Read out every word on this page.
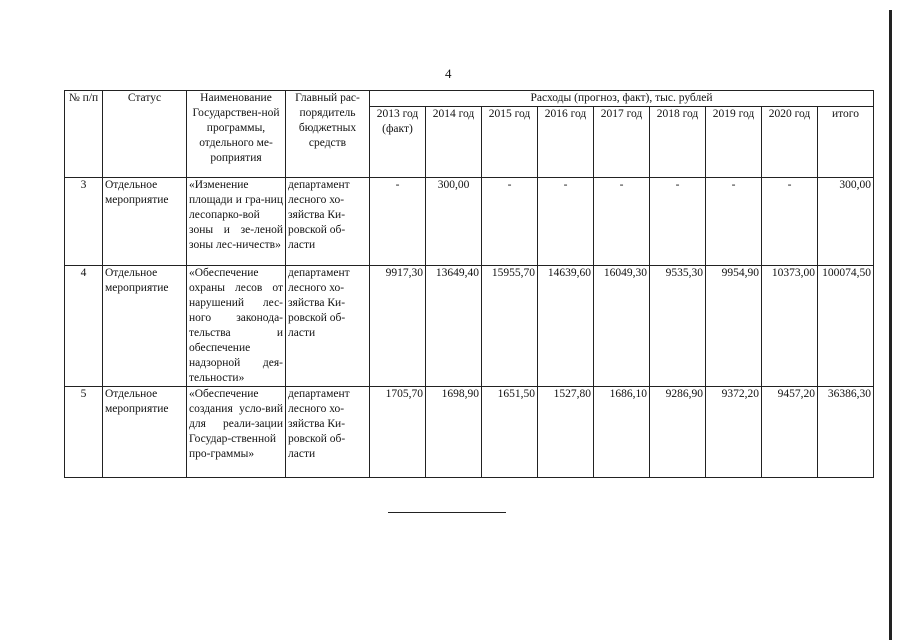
4
№ п/п	Статус	Наименование Государствен-ной программы, отдельного ме-роприятия	Главный рас-порядитель бюджетных средств	Расходы (прогноз, факт), тыс. рублей								
				2013 год (факт)	2014 год	2015 год	2016 год	2017 год	2018 год	2019 год	2020 год	итого
3	Отдельное мероприятие	«Изменение площади и гра-ниц лесопарко-вой зоны и зе-леной зоны лес-ничеств»	департамент лесного хо-зяйства Ки-ровской об-ласти	-	300,00	-	-	-	-	-	-	300,00
4	Отдельное мероприятие	«Обеспечение охраны лесов от нарушений лес-ного законода-тельства и обеспечение надзорной дея-тельности»	департамент лесного хо-зяйства Ки-ровской об-ласти	9917,30	13649,40	15955,70	14639,60	16049,30	9535,30	9954,90	10373,00	100074,50
5	Отдельное мероприятие	«Обеспечение создания усло-вий для реали-зации Государ-ственной про-граммы»	департамент лесного хо-зяйства Ки-ровской об-ласти	1705,70	1698,90	1651,50	1527,80	1686,10	9286,90	9372,20	9457,20	36386,30
